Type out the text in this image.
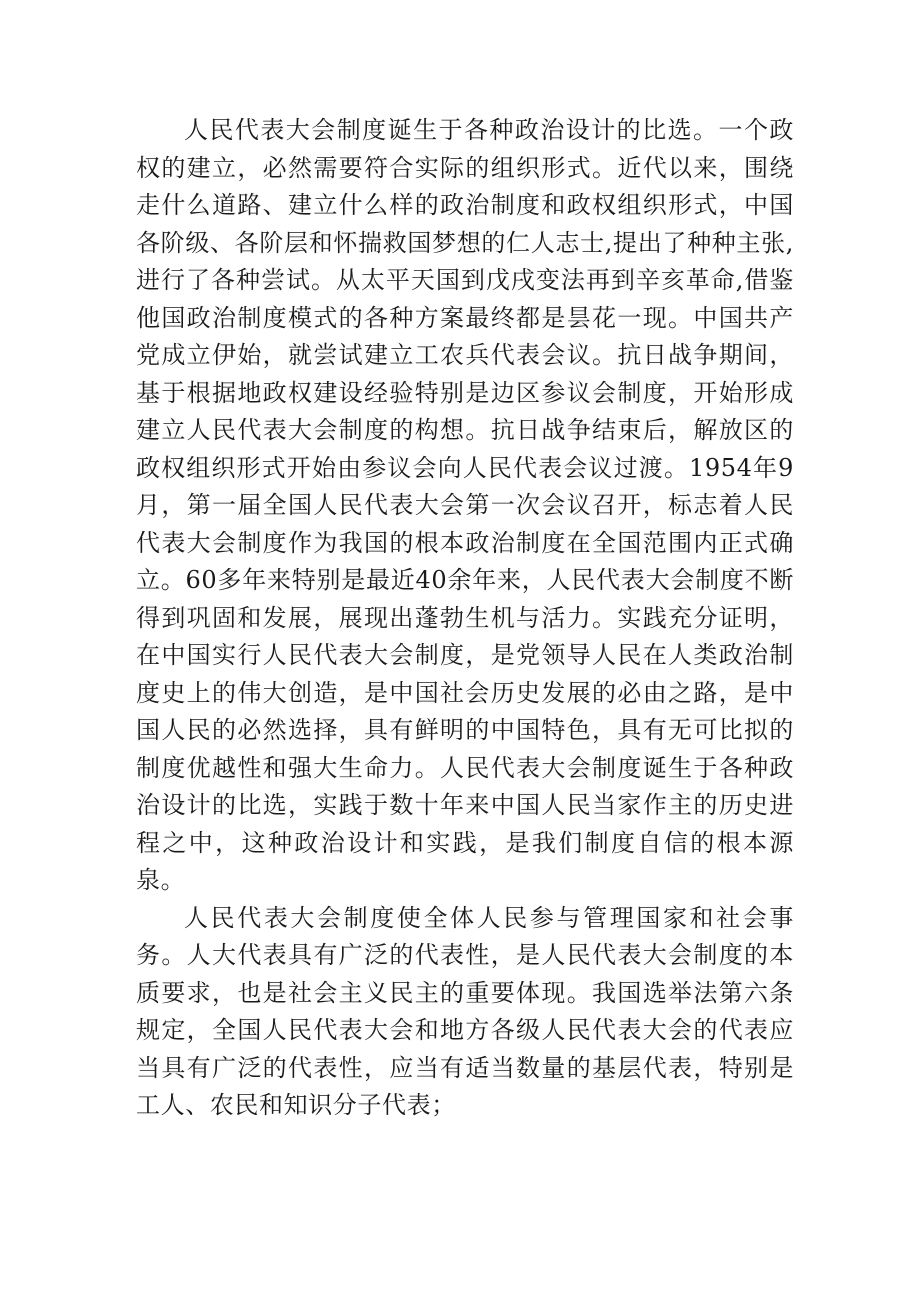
人民代表大会制度诞生于各种政治设计的比选。一个政权的建立，必然需要符合实际的组织形式。近代以来，围绕走什么道路、建立什么样的政治制度和政权组织形式，中国各阶级、各阶层和怀揣救国梦想的仁人志士,提出了种种主张,进行了各种尝试。从太平天国到戊戌变法再到辛亥革命,借鉴他国政治制度模式的各种方案最终都是昙花一现。中国共产党成立伊始，就尝试建立工农兵代表会议。抗日战争期间，基于根据地政权建设经验特别是边区参议会制度，开始形成建立人民代表大会制度的构想。抗日战争结束后，解放区的政权组织形式开始由参议会向人民代表会议过渡。1954年9月，第一届全国人民代表大会第一次会议召开，标志着人民代表大会制度作为我国的根本政治制度在全国范围内正式确立。60多年来特别是最近40余年来，人民代表大会制度不断得到巩固和发展，展现出蓬勃生机与活力。实践充分证明，在中国实行人民代表大会制度，是党领导人民在人类政治制度史上的伟大创造，是中国社会历史发展的必由之路，是中国人民的必然选择，具有鲜明的中国特色，具有无可比拟的制度优越性和强大生命力。人民代表大会制度诞生于各种政治设计的比选，实践于数十年来中国人民当家作主的历史进程之中，这种政治设计和实践，是我们制度自信的根本源泉。

人民代表大会制度使全体人民参与管理国家和社会事务。人大代表具有广泛的代表性，是人民代表大会制度的本质要求，也是社会主义民主的重要体现。我国选举法第六条规定，全国人民代表大会和地方各级人民代表大会的代表应当具有广泛的代表性，应当有适当数量的基层代表，特别是工人、农民和知识分子代表；
